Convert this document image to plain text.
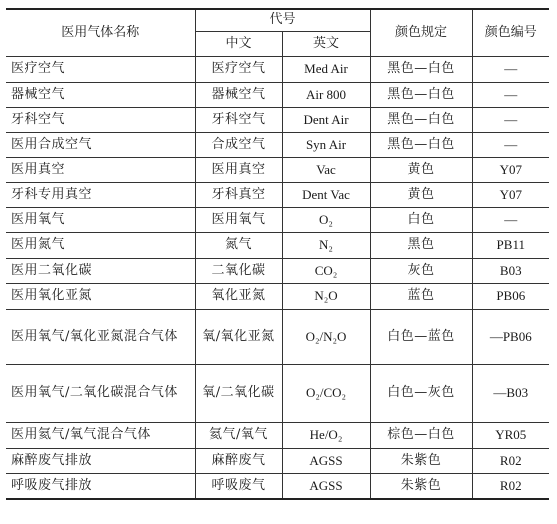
医用气体名称	代号		颜色规定	颜色编号
	中文	英文		
医疗空气	医疗空气	Med Air	黑色—白色	—
器械空气	器械空气	Air 800	黑色—白色	—
牙科空气	牙科空气	Dent Air	黑色—白色	—
医用合成空气	合成空气	Syn Air	黑色—白色	—
医用真空	医用真空	Vac	黄色	Y07
牙科专用真空	牙科真空	Dent Vac	黄色	Y07
医用氧气	医用氧气	O₂	白色	—
医用氮气	氮气	N₂	黑色	PB11
医用二氧化碳	二氧化碳	CO₂	灰色	B03
医用氧化亚氮	氧化亚氮	N₂O	蓝色	PB06
医用氧气/氧化亚氮混合气体	氧/氧化亚氮	O₂/N₂O	白色—蓝色	—PB06
医用氧气/二氧化碳混合气体	氧/二氧化碳	O₂/CO₂	白色—灰色	—B03
医用氦气/氧气混合气体	氦气/氧气	He/O₂	棕色—白色	YR05
麻醉废气排放	麻醉废气	AGSS	朱紫色	R02
呼吸废气排放	呼吸废气	AGSS	朱紫色	R02
